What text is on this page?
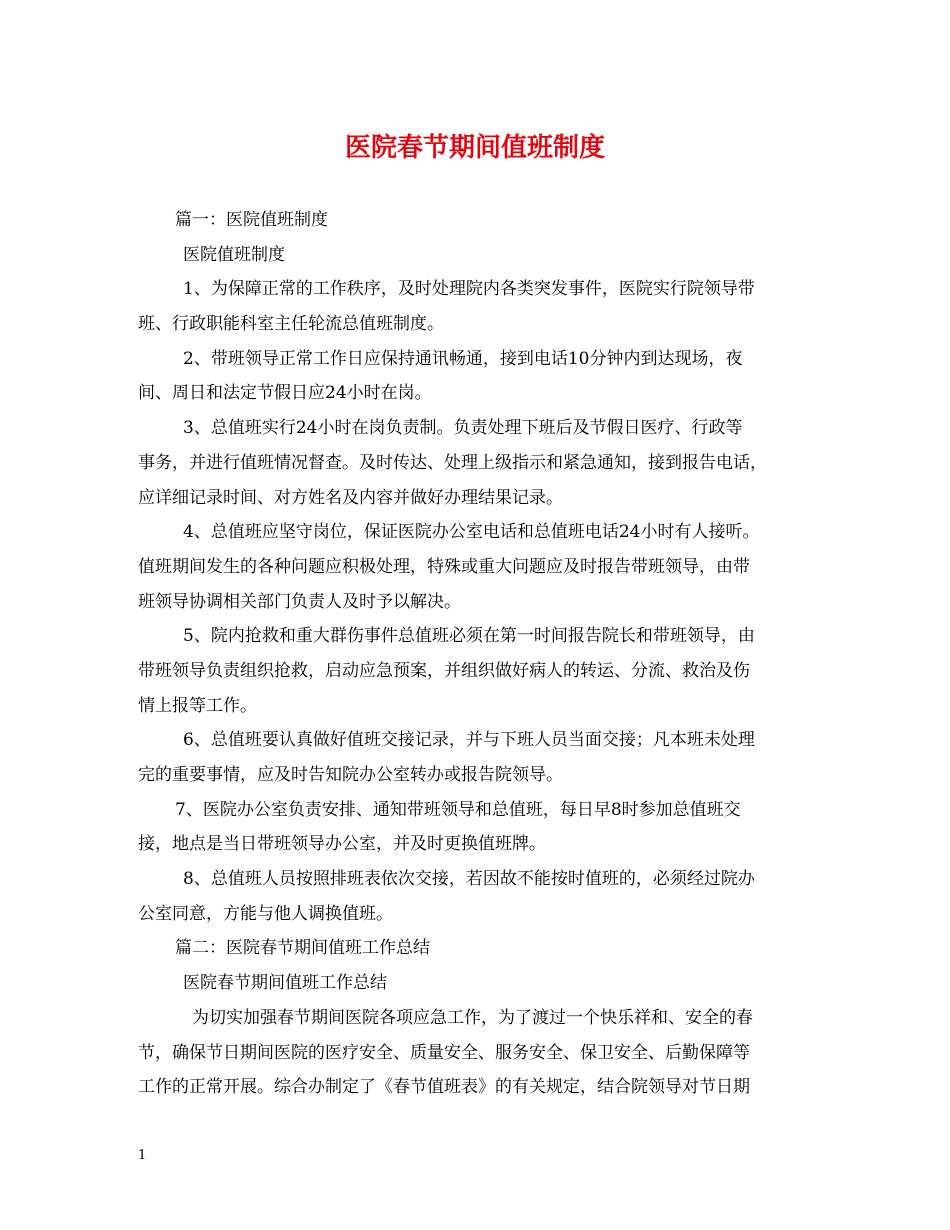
医院春节期间值班制度
篇一：医院值班制度
医院值班制度
1、为保障正常的工作秩序，及时处理院内各类突发事件，医院实行院领导带
班、行政职能科室主任轮流总值班制度。
2、带班领导正常工作日应保持通讯畅通，接到电话10分钟内到达现场，夜
间、周日和法定节假日应24小时在岗。
3、总值班实行24小时在岗负责制。负责处理下班后及节假日医疗、行政等
事务，并进行值班情况督查。及时传达、处理上级指示和紧急通知，接到报告电话，
应详细记录时间、对方姓名及内容并做好办理结果记录。
4、总值班应坚守岗位，保证医院办公室电话和总值班电话24小时有人接听。
值班期间发生的各种问题应积极处理，特殊或重大问题应及时报告带班领导，由带
班领导协调相关部门负责人及时予以解决。
5、院内抢救和重大群伤事件总值班必须在第一时间报告院长和带班领导，由
带班领导负责组织抢救，启动应急预案，并组织做好病人的转运、分流、救治及伤
情上报等工作。
6、总值班要认真做好值班交接记录，并与下班人员当面交接；凡本班未处理
完的重要事情，应及时告知院办公室转办或报告院领导。
7、医院办公室负责安排、通知带班领导和总值班，每日早8时参加总值班交
接，地点是当日带班领导办公室，并及时更换值班牌。
8、总值班人员按照排班表依次交接，若因故不能按时值班的，必须经过院办
公室同意，方能与他人调换值班。
篇二：医院春节期间值班工作总结
医院春节期间值班工作总结
为切实加强春节期间医院各项应急工作，为了渡过一个快乐祥和、安全的春
节，确保节日期间医院的医疗安全、质量安全、服务安全、保卫安全、后勤保障等
工作的正常开展。综合办制定了《春节值班表》的有关规定，结合院领导对节日期
1
